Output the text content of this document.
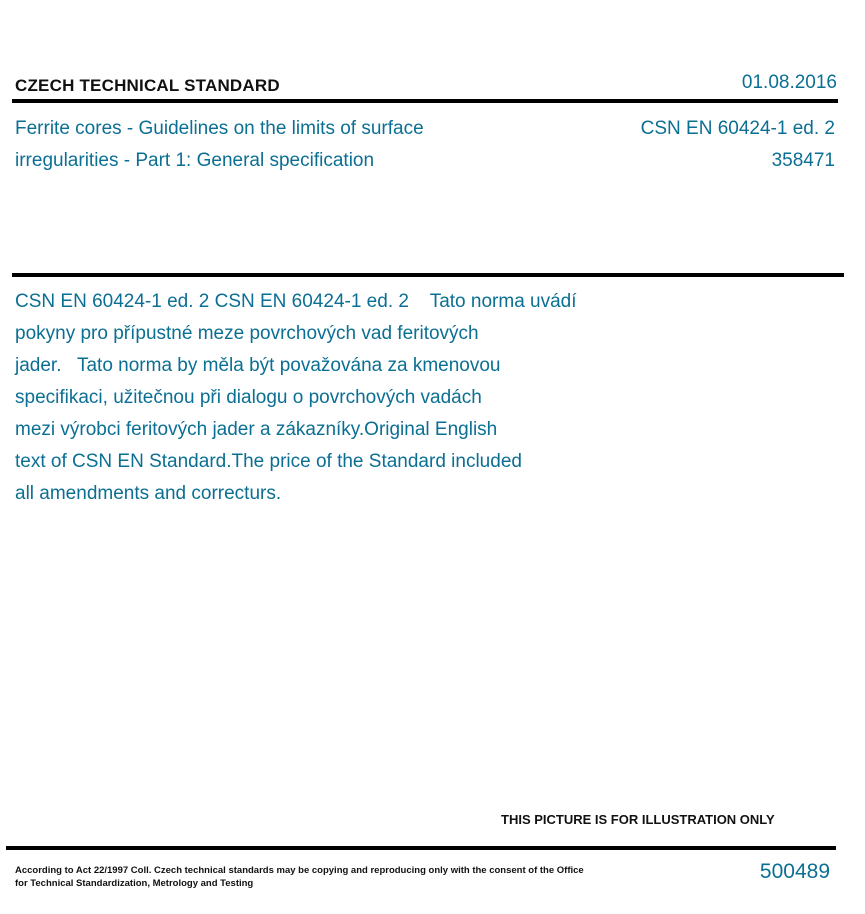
CZECH TECHNICAL STANDARD	01.08.2016
Ferrite cores - Guidelines on the limits of surface
irregularities - Part 1: General specification
CSN EN 60424-1 ed. 2
358471
CSN EN 60424-1 ed. 2 CSN EN 60424-1 ed. 2    Tato norma uvádí
pokyny pro přípustné meze povrchových vad feritových
jader.   Tato norma by měla být považována za kmenovou
specifikaci, užitečnou při dialogu o povrchových vadách
mezi výrobci feritových jader a zákazníky.Original English
text of CSN EN Standard.The price of the Standard included
all amendments and correcturs.
THIS PICTURE IS FOR ILLUSTRATION ONLY
According to Act 22/1997 Coll. Czech technical standards may be copying and reproducing only with the consent of the Office
for Technical Standardization, Metrology and Testing
500489
